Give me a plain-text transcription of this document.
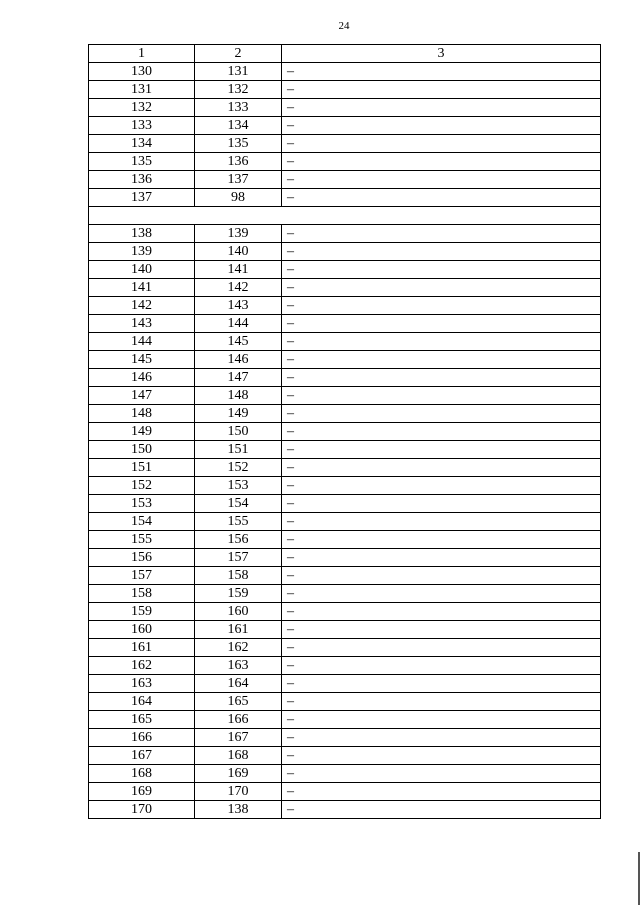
24
1	2	3
130	131	–
131	132	–
132	133	–
133	134	–
134	135	–
135	136	–
136	137	–
137	98	–

138	139	–
139	140	–
140	141	–
141	142	–
142	143	–
143	144	–
144	145	–
145	146	–
146	147	–
147	148	–
148	149	–
149	150	–
150	151	–
151	152	–
152	153	–
153	154	–
154	155	–
155	156	–
156	157	–
157	158	–
158	159	–
159	160	–
160	161	–
161	162	–
162	163	–
163	164	–
164	165	–
165	166	–
166	167	–
167	168	–
168	169	–
169	170	–
170	138	–
